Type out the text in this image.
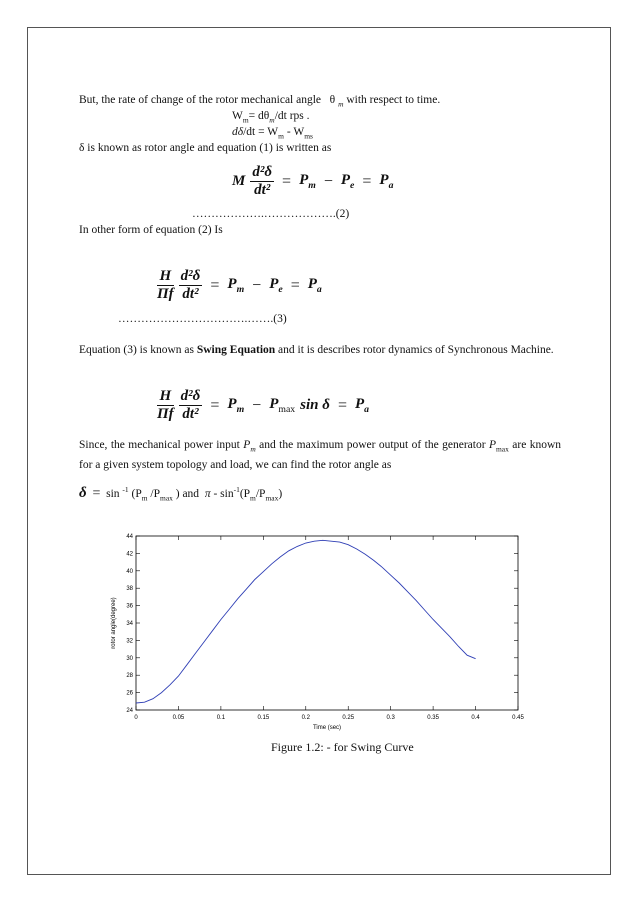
But, the rate of change of the rotor mechanical angle θ $_m$ with respect to time.
$W_m= d\theta_m/dt$ rps .
$d\delta/dt = W_m - W_{ms}$
δ is known as rotor angle and equation (1) is written as
M $\frac{\text{d²δ}}{\text{dt²}} = P_m - P_e = P_a$
……………….……………….(2)
In other form of equation (2) Is
$\frac{H}{\Pi f} \frac{\text{d²δ}}{\text{dt²}} = P_m - P_e = P_a$
…………………………….…….(3)
Equation (3) is known as Swing Equation and it is describes rotor dynamics of Synchronous Machine.
$\frac{H}{\Pi f} \frac{\text{d²δ}}{\text{dt²}} = P_m - P_{max}$ $\sin \delta = P_a$
Since, the mechanical power input $P_m$ and the maximum power output of the generator $P_{max}$ are known for a given system topology and load, we can find the rotor angle as
δ = sin $^{-1}$ ($P_m$ $/P_{max}$ ) and π - $\sin^{-1}(P_m/P_{max})$
0	0.05	0.1	0.15	0.2	0.25	0.3	0.35	0.4	0.45
24
26
28
30
32
34
36
38
40
42
44
Time (sec)
rotor angle(degree)
Figure 1.2: - for Swing Curve
